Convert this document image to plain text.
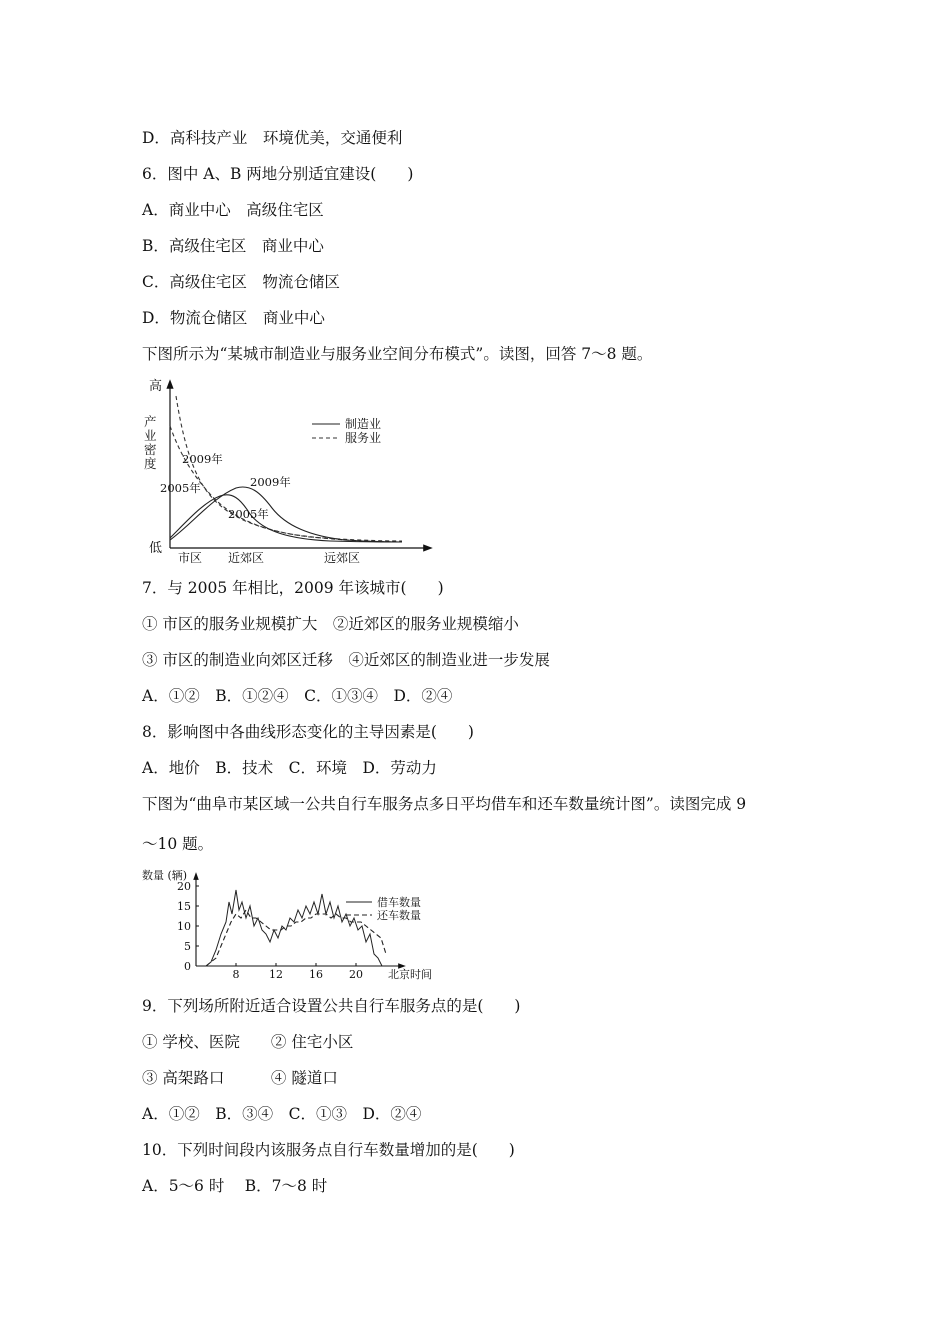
D．高科技产业　环境优美，交通便利
6．图中 A、B 两地分别适宜建设(　　)
A．商业中心　高级住宅区
B．高级住宅区　商业中心
C．高级住宅区　物流仓储区
D．物流仓储区　商业中心
下图所示为“某城市制造业与服务业空间分布模式”。读图，回答 7～8 题。
高
低
产 业 密 度
市区 近郊区	远郊区
2009年
2005年	2009年
2005年
制造业
服务业
7．与 2005 年相比，2009 年该城市(　　)
① 市区的服务业规模扩大　②近郊区的服务业规模缩小
③ 市区的制造业向郊区迁移　④近郊区的制造业进一步发展
A．①②　B．①②④　C．①③④　D．②④
8．影响图中各曲线形态变化的主导因素是(　　)
A．地价　B．技术　C．环境　D．劳动力
下图为“曲阜市某区域一公共自行车服务点多日平均借车和还车数量统计图”。读图完成 9
～10 题。
数量 (辆)
北京时间
8	12 16 20
0
5
10
15
20
借车数量
还车数量
9．下列场所附近适合设置公共自行车服务点的是(　　)
① 学校、医院　　② 住宅小区
③ 高架路口　　　④ 隧道口
A．①②　B．③④　C．①③　D．②④
10．下列时间段内该服务点自行车数量增加的是(　　)
A．5～6 时　 B．7～8 时
